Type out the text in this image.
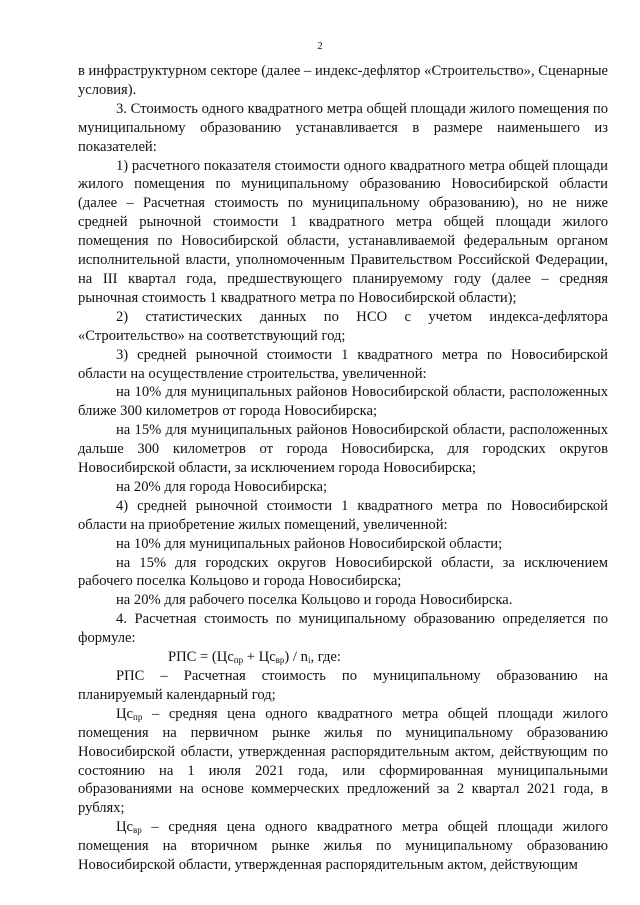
2

в инфраструктурном секторе (далее – индекс-дефлятор «Строительство», Сценарные условия).

3. Стоимость одного квадратного метра общей площади жилого помещения по муниципальному образованию устанавливается в размере наименьшего из показателей:

1) расчетного показателя стоимости одного квадратного метра общей площади жилого помещения по муниципальному образованию Новосибирской области (далее – Расчетная стоимость по муниципальному образованию), но не ниже средней рыночной стоимости 1 квадратного метра общей площади жилого помещения по Новосибирской области, устанавливаемой федеральным органом исполнительной власти, уполномоченным Правительством Российской Федерации, на III квартал года, предшествующего планируемому году (далее – средняя рыночная стоимость 1 квадратного метра по Новосибирской области);

2) статистических данных по НСО с учетом индекса-дефлятора «Строительство» на соответствующий год;

3) средней рыночной стоимости 1 квадратного метра по Новосибирской области на осуществление строительства, увеличенной:

на 10% для муниципальных районов Новосибирской области, расположенных ближе 300 километров от города Новосибирска;

на 15% для муниципальных районов Новосибирской области, расположенных дальше 300 километров от города Новосибирска, для городских округов Новосибирской области, за исключением города Новосибирска;

на 20% для города Новосибирска;

4) средней рыночной стоимости 1 квадратного метра по Новосибирской области на приобретение жилых помещений, увеличенной:

на 10% для муниципальных районов Новосибирской области;

на 15% для городских округов Новосибирской области, за исключением рабочего поселка Кольцово и города Новосибирска;

на 20% для рабочего поселка Кольцово и города Новосибирска.

4. Расчетная стоимость по муниципальному образованию определяется по формуле:

РПС = $(Цс_{пр} + Цс_{вр}) / n_i$, где:

РПС – Расчетная стоимость по муниципальному образованию на планируемый календарный год;

$Цс_{пр}$ – средняя цена одного квадратного метра общей площади жилого помещения на первичном рынке жилья по муниципальному образованию Новосибирской области, утвержденная распорядительным актом, действующим по состоянию на 1 июля 2021 года, или сформированная муниципальными образованиями на основе коммерческих предложений за 2 квартал 2021 года, в рублях;

$Цс_{вр}$ – средняя цена одного квадратного метра общей площади жилого помещения на вторичном рынке жилья по муниципальному образованию Новосибирской области, утвержденная распорядительным актом, действующим
